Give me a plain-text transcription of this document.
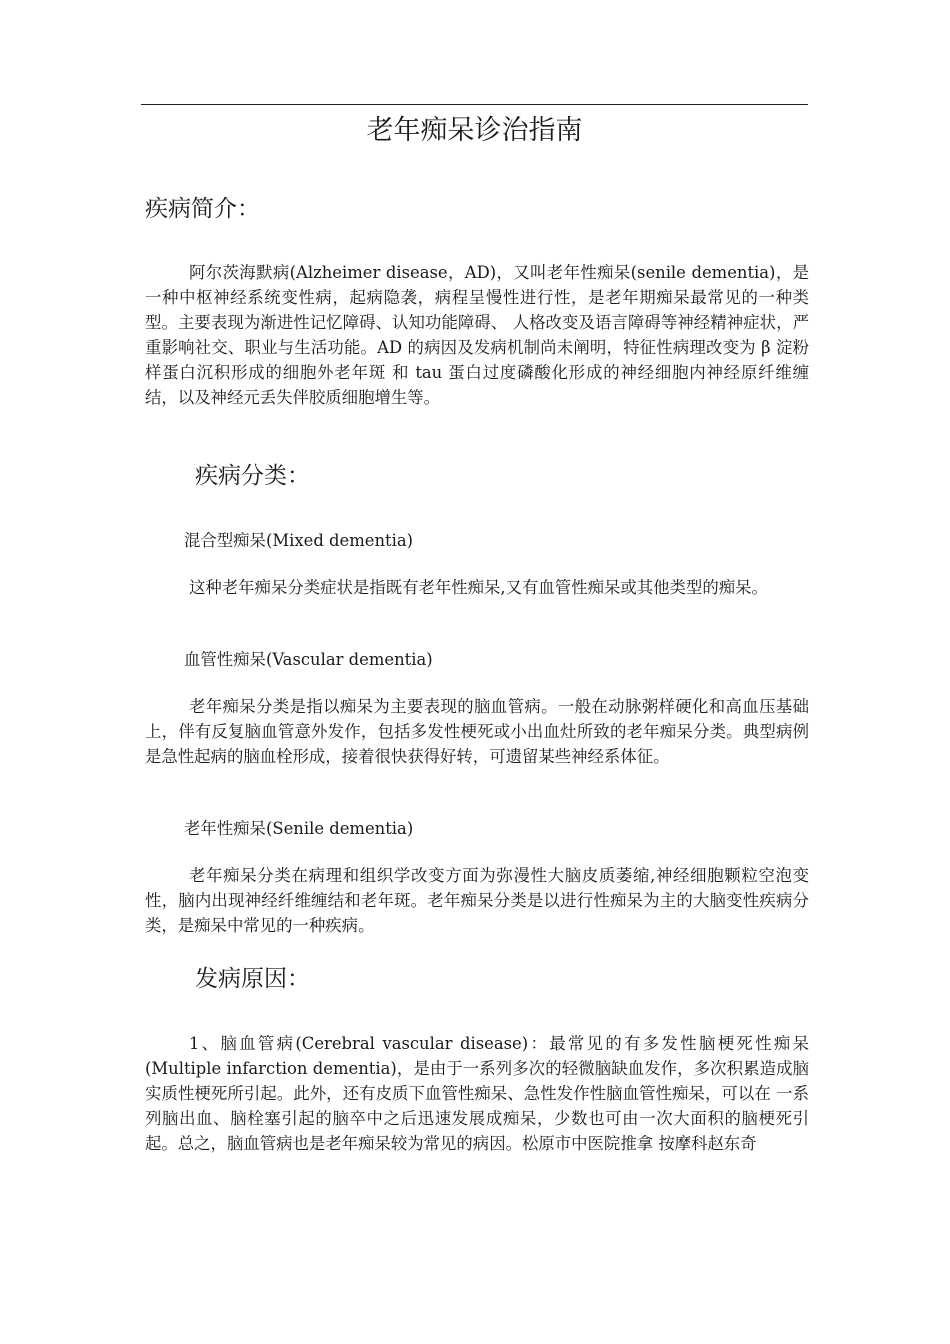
老年痴呆诊治指南
疾病简介：

阿尔茨海默病(Alzheimer disease，AD)，又叫老年性痴呆(senile dementia)，是一种中枢神经系统变性病，起病隐袭，病程呈慢性进行性，是老年期痴呆最常见的一种类型。主要表现为渐进性记忆障碍、认知功能障碍、 人格改变及语言障碍等神经精神症状，严重影响社交、职业与生活功能。AD 的病因及发病机制尚未阐明，特征性病理改变为 β 淀粉样蛋白沉积形成的细胞外老年斑 和 tau 蛋白过度磷酸化形成的神经细胞内神经原纤维缠结，以及神经元丢失伴胶质细胞增生等。

疾病分类：
混合型痴呆(Mixed dementia)

这种老年痴呆分类症状是指既有老年性痴呆,又有血管性痴呆或其他类型的痴呆。

血管性痴呆(Vascular dementia)

老年痴呆分类是指以痴呆为主要表现的脑血管病。一般在动脉粥样硬化和高血压基础上，伴有反复脑血管意外发作，包括多发性梗死或小出血灶所致的老年痴呆分类。典型病例是急性起病的脑血栓形成，接着很快获得好转，可遗留某些神经系体征。

老年性痴呆(Senile dementia)

老年痴呆分类在病理和组织学改变方面为弥漫性大脑皮质萎缩,神经细胞颗粒空泡变性，脑内出现神经纤维缠结和老年斑。老年痴呆分类是以进行性痴呆为主的大脑变性疾病分类，是痴呆中常见的一种疾病。

发病原因：

1、脑血管病(Cerebral vascular disease)：最常见的有多发性脑梗死性痴呆(Multiple infarction dementia)，是由于一系列多次的轻微脑缺血发作，多次积累造成脑实质性梗死所引起。此外，还有皮质下血管性痴呆、急性发作性脑血管性痴呆，可以在 一系列脑出血、脑栓塞引起的脑卒中之后迅速发展成痴呆，少数也可由一次大面积的脑梗死引起。总之，脑血管病也是老年痴呆较为常见的病因。松原市中医院推拿 按摩科赵东奇
